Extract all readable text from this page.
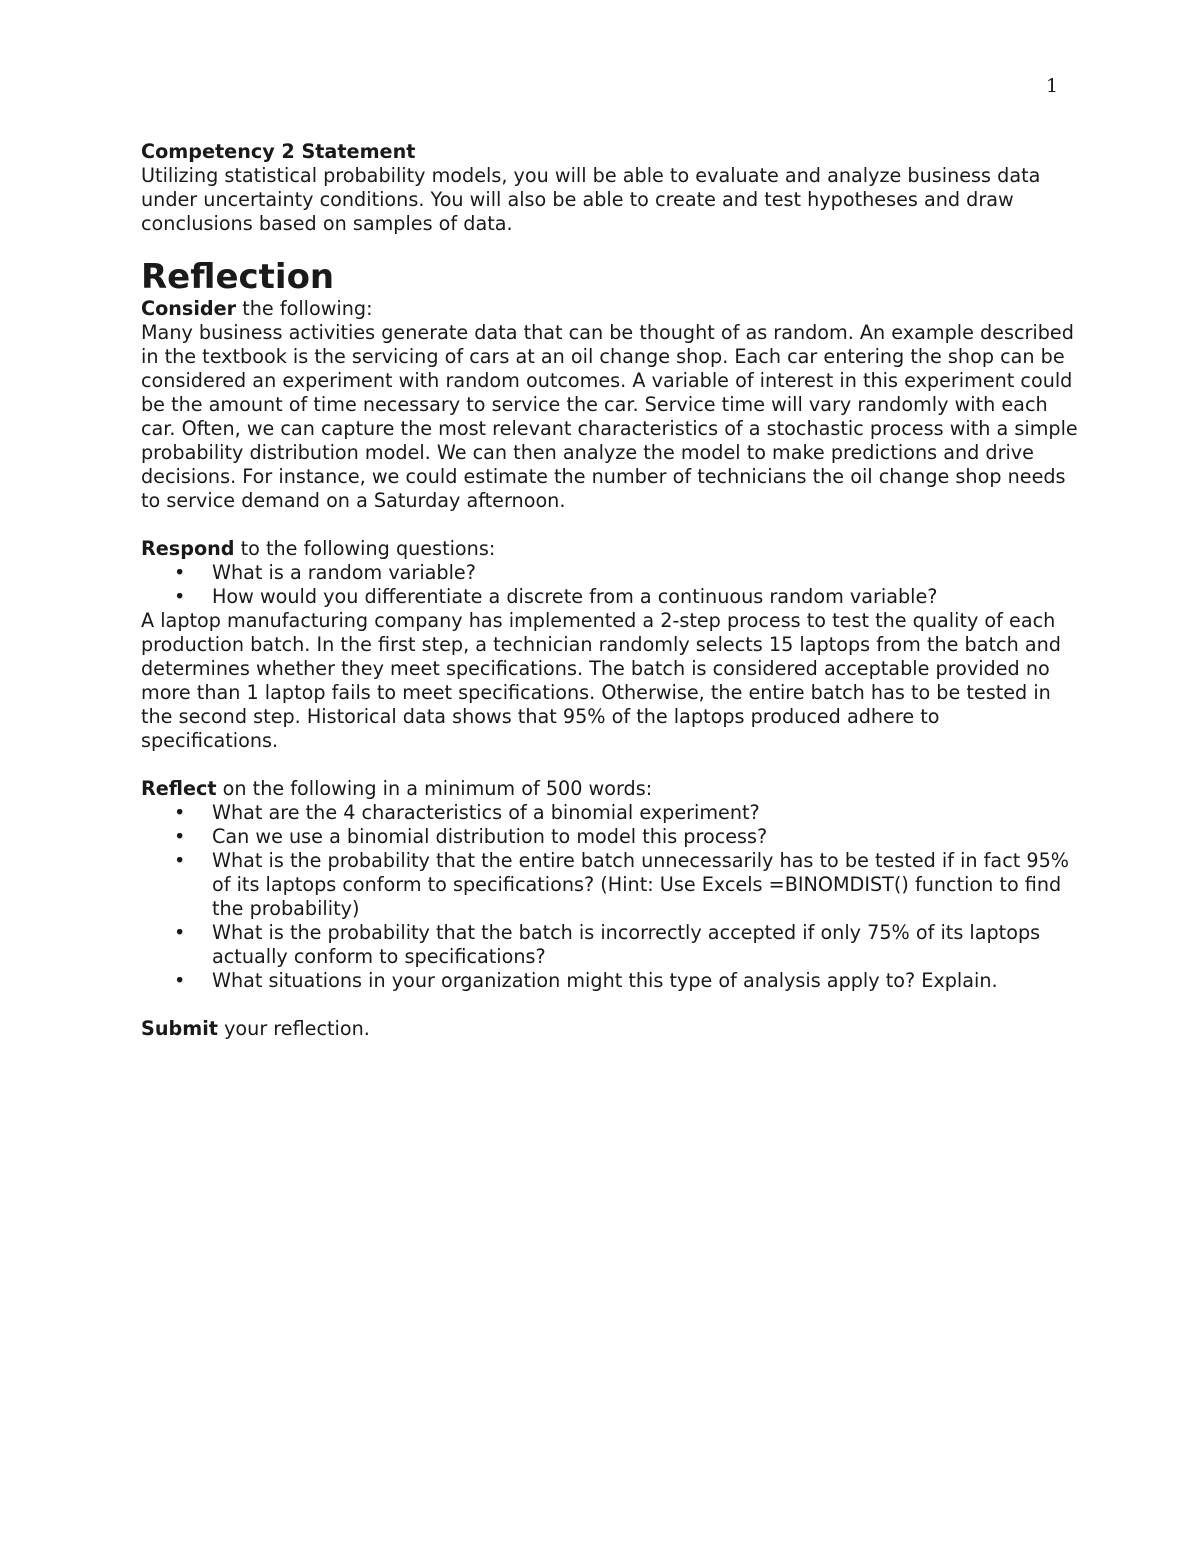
1

Competency 2 Statement

Utilizing statistical probability models, you will be able to evaluate and analyze business data under uncertainty conditions. You will also be able to create and test hypotheses and draw conclusions based on samples of data.

Reflection

Consider the following:

Many business activities generate data that can be thought of as random. An example described in the textbook is the servicing of cars at an oil change shop. Each car entering the shop can be considered an experiment with random outcomes. A variable of interest in this experiment could be the amount of time necessary to service the car. Service time will vary randomly with each car. Often, we can capture the most relevant characteristics of a stochastic process with a simple probability distribution model. We can then analyze the model to make predictions and drive decisions. For instance, we could estimate the number of technicians the oil change shop needs to service demand on a Saturday afternoon.

Respond to the following questions:

• What is a random variable?
• How would you differentiate a discrete from a continuous random variable?

A laptop manufacturing company has implemented a 2-step process to test the quality of each production batch. In the first step, a technician randomly selects 15 laptops from the batch and determines whether they meet specifications. The batch is considered acceptable provided no more than 1 laptop fails to meet specifications. Otherwise, the entire batch has to be tested in the second step. Historical data shows that 95% of the laptops produced adhere to specifications.

Reflect on the following in a minimum of 500 words:

• What are the 4 characteristics of a binomial experiment?
• Can we use a binomial distribution to model this process?
• What is the probability that the entire batch unnecessarily has to be tested if in fact 95% of its laptops conform to specifications? (Hint: Use Excels =BINOMDIST() function to find the probability)
• What is the probability that the batch is incorrectly accepted if only 75% of its laptops actually conform to specifications?
• What situations in your organization might this type of analysis apply to? Explain.

Submit your reflection.
